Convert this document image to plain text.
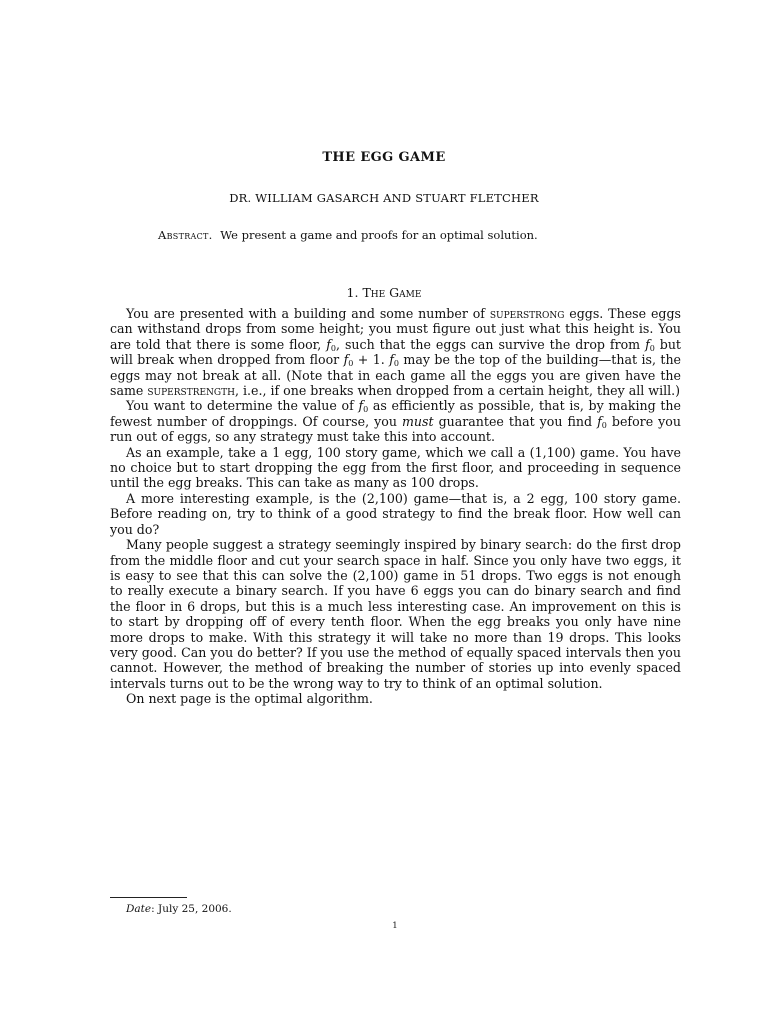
THE EGG GAME
DR. WILLIAM GASARCH AND STUART FLETCHER
Abstract. We present a game and proofs for an optimal solution.
1. The Game

You are presented with a building and some number of superstrong eggs. These eggs can withstand drops from some height; you must figure out just what this height is. You are told that there is some floor, $f_0$, such that the eggs can survive the drop from $f_0$ but will break when dropped from floor $f_0 + 1$. $f_0$ may be the top of the building—that is, the eggs may not break at all. (Note that in each game all the eggs you are given have the same superstrength, i.e., if one breaks when dropped from a certain height, they all will.)

You want to determine the value of $f_0$ as efficiently as possible, that is, by making the fewest number of droppings. Of course, you must guarantee that you find $f_0$ before you run out of eggs, so any strategy must take this into account.

As an example, take a 1 egg, 100 story game, which we call a (1,100) game. You have no choice but to start dropping the egg from the first floor, and proceeding in sequence until the egg breaks. This can take as many as 100 drops.

A more interesting example, is the (2,100) game—that is, a 2 egg, 100 story game. Before reading on, try to think of a good strategy to find the break floor. How well can you do?

Many people suggest a strategy seemingly inspired by binary search: do the first drop from the middle floor and cut your search space in half. Since you only have two eggs, it is easy to see that this can solve the (2,100) game in 51 drops. Two eggs is not enough to really execute a binary search. If you have 6 eggs you can do binary search and find the floor in 6 drops, but this is a much less interesting case. An improvement on this is to start by dropping off of every tenth floor. When the egg breaks you only have nine more drops to make. With this strategy it will take no more than 19 drops. This looks very good. Can you do better? If you use the method of equally spaced intervals then you cannot. However, the method of breaking the number of stories up into evenly spaced intervals turns out to be the wrong way to try to think of an optimal solution.

On next page is the optimal algorithm.

Date: July 25, 2006.
1
